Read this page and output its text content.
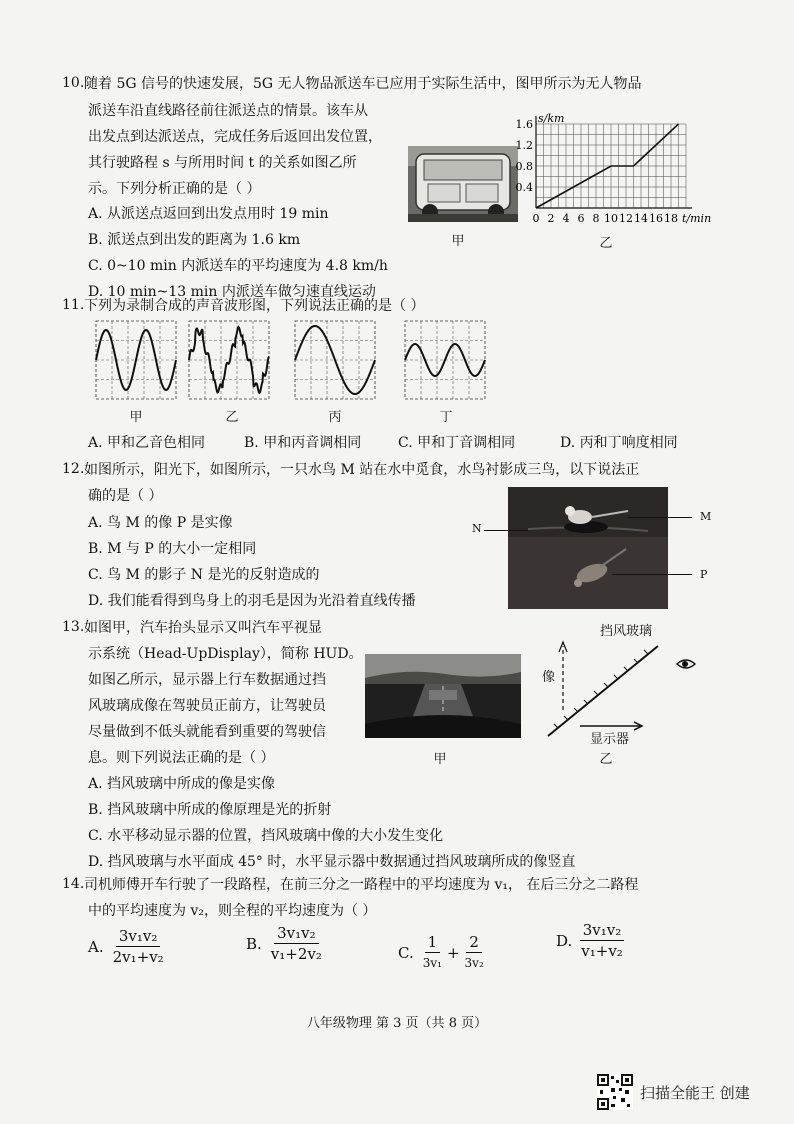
10. 随着 5G 信号的快速发展，5G 无人物品派送车已应用于实际生活中，图甲所示为无人物品
派送车沿直线路径前往派送点的情景。该车从
出发点到达派送点，完成任务后返回出发位置，
其行驶路程 s 与所用时间 t 的关系如图乙所
示。下列分析正确的是（ ）
A. 从派送点返回到出发点用时 19 min
B. 派送点到出发的距离为 1.6 km
C. 0~10 min 内派送车的平均速度为 4.8 km/h
D. 10 min~13 min 内派送车做匀速直线运动
甲
1.6
1.2
0.8
0.4
0 2 4 6 8 10 12 14 16 18
s/km
t/min
乙
11. 下列为录制合成的声音波形图，下列说法正确的是（ ）
甲	乙	丙	丁
A. 甲和乙音色相同	B. 甲和丙音调相同	C. 甲和丁音调相同	D. 丙和丁响度相同
12. 如图所示，阳光下，如图所示，一只水鸟 M 站在水中觅食，水鸟衬影成三鸟，以下说法正
确的是（ ）
A. 鸟 M 的像 P 是实像
B. M 与 P 的大小一定相同
C. 鸟 M 的影子 N 是光的反射造成的
D. 我们能看得到鸟身上的羽毛是因为光沿着直线传播
N
M
P
13. 如图甲，汽车抬头显示又叫汽车平视显
示系统（Head-UpDisplay），简称 HUD。
如图乙所示，显示器上行车数据通过挡
风玻璃成像在驾驶员正前方，让驾驶员
尽量做到不低头就能看到重要的驾驶信
息。则下列说法正确的是（ ）
A. 挡风玻璃中所成的像是实像
B. 挡风玻璃中所成的像原理是光的折射
C. 水平移动显示器的位置，挡风玻璃中像的大小发生变化
D. 挡风玻璃与水平面成 45° 时，水平显示器中数据通过挡风玻璃所成的像竖直
甲
挡风玻璃
像
显示器
乙
14. 司机师傅开车行驶了一段路程，在前三分之一路程中的平均速度为 v₁， 在后三分之二路程
中的平均速度为 v₂，则全程的平均速度为（ ）
A. $\frac{\text{3v₁v₂}}{\text{2v₁+v₂}}$	B. $\frac{\text{3v₁v₂}}{\text{v₁+2v₂}}$	C. $\frac{1}{\text{3v₁}} + \frac{2}{\text{3v₂}}$	D. $\frac{\text{3v₁v₂}}{\text{v₁+v₂}}$
八年级物理 第 3 页（共 8 页）
扫描全能王 创建
